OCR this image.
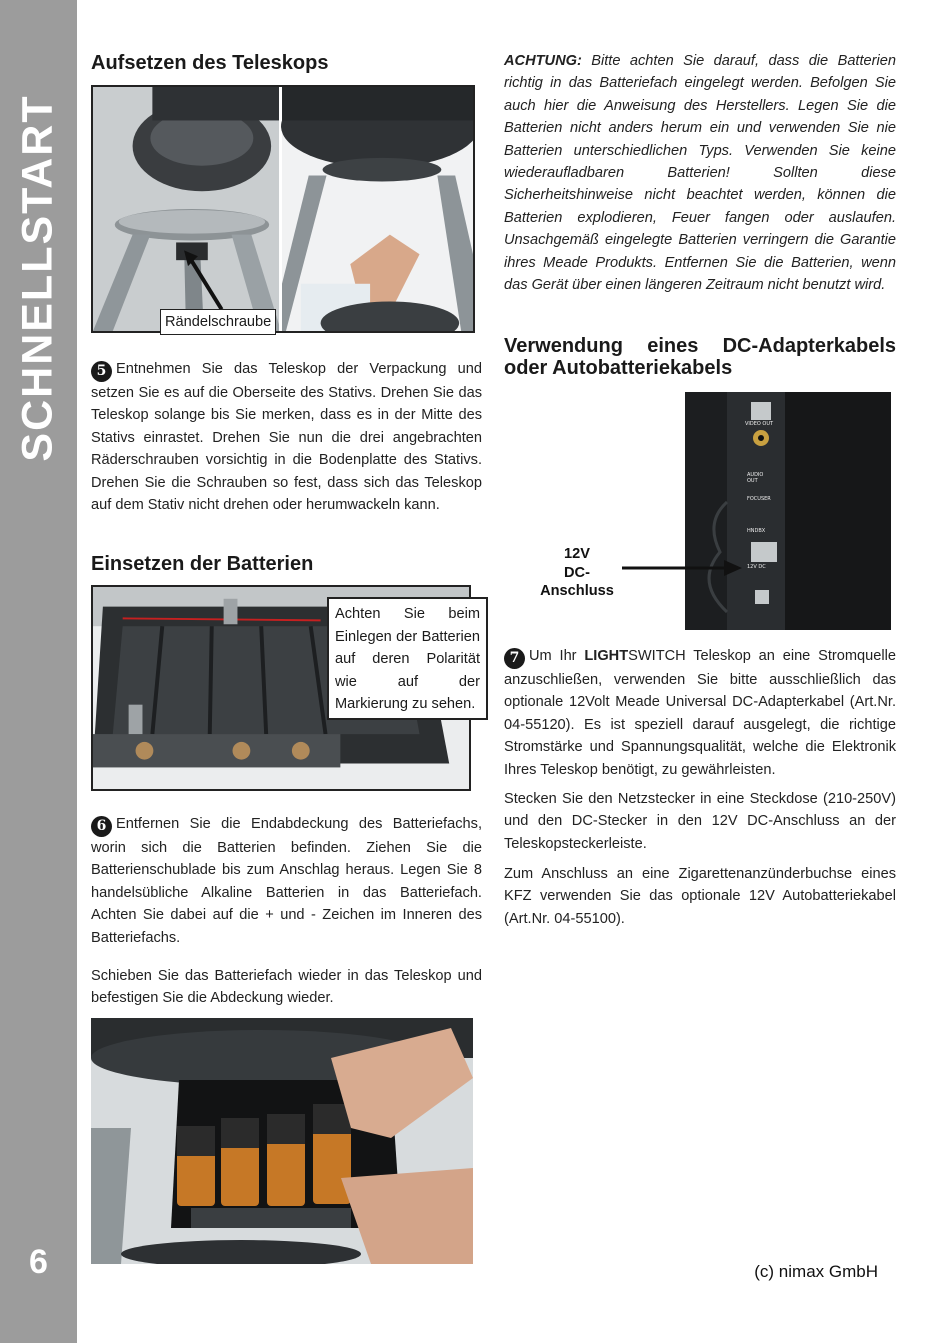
SCHNELLSTART
6
Aufsetzen des Teleskops
Rändelschraube

5 Entnehmen Sie das Teleskop der Verpackung und setzen Sie es auf die Oberseite des Stativs. Drehen Sie das Teleskop solange bis Sie merken, dass es in der Mitte des Stativs einrastet. Drehen Sie nun die drei angebrachten Räderschrauben vorsichtig in die Bodenplatte des Stativs. Drehen Sie die Schrauben so fest, dass sich das Teleskop auf dem Stativ nicht drehen oder herumwackeln kann.

Einsetzen der Batterien
Achten Sie beim Einlegen der Batterien auf deren Polarität wie auf der Markierung zu sehen.

6 Entfernen Sie die Endabdeckung des Batteriefachs, worin sich die Batterien befinden. Ziehen Sie die Batterienschublade bis zum Anschlag heraus. Legen Sie 8 handelsübliche Alkaline Batterien in das Batteriefach. Achten Sie dabei auf die + und - Zeichen im Inneren des Batteriefachs.

Schieben Sie das Batteriefach wieder in das Teleskop und befestigen Sie die Abdeckung wieder.

ACHTUNG: Bitte achten Sie darauf, dass die Batterien richtig in das Batteriefach eingelegt werden. Befolgen Sie auch hier die Anweisung des Herstellers. Legen Sie die Batterien nicht anders herum ein und verwenden Sie nie Batterien unterschiedlichen Typs. Verwenden Sie keine wiederaufladbaren Batterien! Sollten diese Sicherheitshinweise nicht beachtet werden, können die Batterien explodieren, Feuer fangen oder auslaufen. Unsachgemäß eingelegte Batterien verringern die Garantie ihres Meade Produkts. Entfernen Sie die Batterien, wenn das Gerät über einen längeren Zeitraum nicht benutzt wird.

Verwendung eines DC-Adapterkabels oder Autobatteriekabels
VIDEO OUT
AUDIO OUT
FOCUSER
HNDBX
12V DC
12V
DC-
Anschluss

7 Um Ihr LIGHTSWITCH Teleskop an eine Stromquelle anzuschließen, verwenden Sie bitte ausschließlich das optionale 12Volt Meade Universal DC-Adapterkabel (Art.Nr. 04-55120). Es ist speziell darauf ausgelegt, die richtige Stromstärke und Spannungsqualität, welche die Elektronik Ihres Teleskop benötigt, zu gewährleisten.

Stecken Sie den Netzstecker in eine Steckdose (210-250V) und den DC-Stecker in den 12V DC-Anschluss an der Teleskopsteckerleiste.

Zum Anschluss an eine Zigarettenanzünderbuchse eines KFZ verwenden Sie das optionale 12V Autobatteriekabel (Art.Nr. 04-55100).

(c) nimax GmbH
